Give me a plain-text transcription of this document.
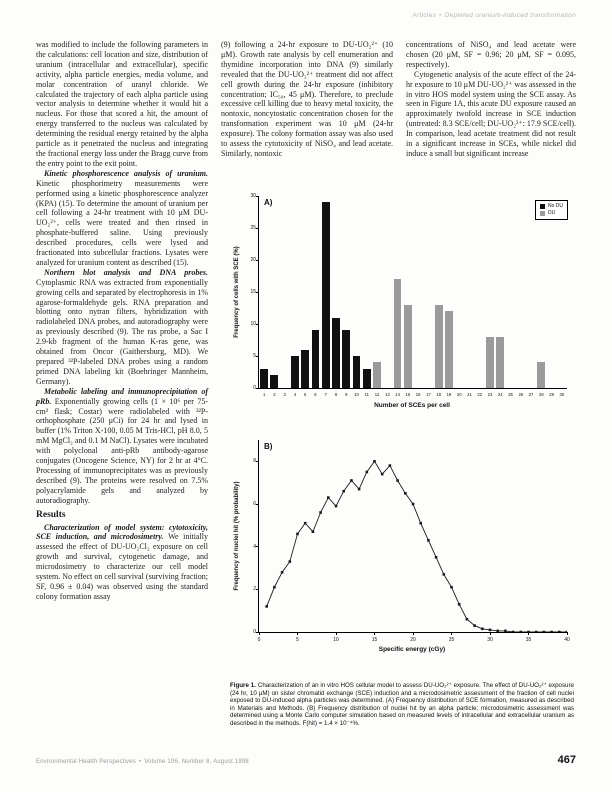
Articles • Depleted uranium-induced transformation

was modified to include the following parameters in the calculations: cell location and size, distribution of uranium (intracellular and extracellular), specific activity, alpha particle energies, media volume, and molar concentration of uranyl chloride. We calculated the trajectory of each alpha particle using vector analysis to determine whether it would hit a nucleus. For those that scored a hit, the amount of energy transferred to the nucleus was calculated by determining the residual energy retained by the alpha particle as it penetrated the nucleus and integrating the fractional energy loss under the Bragg curve from the entry point to the exit point.

Kinetic phosphorescence analysis of uranium. Kinetic phosphorimetry measurements were performed using a kinetic phosphorescence analyzer (KPA) (15). To determine the amount of uranium per cell following a 24-hr treatment with 10 μM DU-UO₂²⁺, cells were treated and then rinsed in phosphate-buffered saline. Using previously described procedures, cells were lysed and fractionated into subcellular fractions. Lysates were analyzed for uranium content as described (15).

Northern blot analysis and DNA probes. Cytoplasmic RNA was extracted from exponentially growing cells and separated by electrophoresis in 1% agarose-formaldehyde gels. RNA preparation and blotting onto nytran filters, hybridization with radiolabeled DNA probes, and autoradiography were as previously described (9). The ras probe, a Sac I 2.9-kb fragment of the human K-ras gene, was obtained from Oncor (Gaithersburg, MD). We prepared ³²P-labeled DNA probes using a random primed DNA labeling kit (Boehringer Mannheim, Germany).

Metabolic labeling and immunoprecipitation of pRb. Exponentially growing cells (1 × 10⁶ per 75-cm² flask; Costar) were radiolabeled with ³²P-orthophosphate (250 μCi) for 24 hr and lysed in buffer (1% Triton X-100, 0.05 M Tris-HCl, pH 8.0, 5 mM MgCl₂ and 0.1 M NaCl). Lysates were incubated with polyclonal anti-pRb antibody-agarose conjugates (Oncogene Science, NY) for 2 hr at 4°C. Processing of immunoprecipitates was as previously described (9). The proteins were resolved on 7.5% polyacrylamide gels and analyzed by autoradiography.

Results

Characterization of model system: cytotoxicity, SCE induction, and microdosimetry. We initially assessed the effect of DU-UO₂Cl₂ exposure on cell growth and survival, cytogenetic damage, and microdosimetry to characterize our cell model system. No effect on cell survival (surviving fraction; SF, 0.96 ± 0.04) was observed using the standard colony formation assay

(9) following a 24-hr exposure to DU-UO₂²⁺ (10 μM). Growth rate analysis by cell enumeration and thymidine incorporation into DNA (9) similarly revealed that the DU-UO₂²⁺ treatment did not affect cell growth during the 24-hr exposure (inhibitory concentration; IC₅₀, 45 μM). Therefore, to preclude excessive cell killing due to heavy metal toxicity, the nontoxic, noncytostatic concentration chosen for the transformation experiment was 10 μM (24-hr exposure). The colony formation assay was also used to assess the cytotoxicity of NiSO₄ and lead acetate. Similarly, nontoxic

concentrations of NiSO₄ and lead acetate were chosen (20 μM, SF = 0.96; 20 μM, SF = 0.095, respectively).

Cytogenetic analysis of the acute effect of the 24-hr exposure to 10 μM DU-UO₂²⁺ was assessed in the in vitro HOS model system using the SCE assay. As seen in Figure 1A, this acute DU exposure caused an approximately twofold increase in SCE induction (untreated: 8.3 SCE/cell; DU-UO₂²⁺: 17.9 SCE/cell). In comparison, lead acetate treatment did not result in a significant increase in SCEs, while nickel did induce a small but significant increase

A)
Frequency of cells with SCE (%)
0
5
10
15
20
25
30
1	2	3	4	5	6	7	8	9	10	11	12	13	14	15	16	17	18	19	20	21	22	23	24	25	26	27	28	29	30
No DU
DU
Number of SCEs per cell
B)
Frequency of nuclei hit (% probability)
0
2
4
6
8
0	5	10	15	20	25	30	35	40
Specific energy (cGy)
Figure 1. Characterization of an in vitro HOS cellular model to assess DU-UO₂²⁺ exposure. The effect of DU-UO₂²⁺ exposure (24 hr, 10 μM) on sister chromatid exchange (SCE) induction and a microdosimetric assessment of the fraction of cell nuclei exposed to DU-induced alpha particles was determined. (A) Frequency distribution of SCE formation, measured as described in Materials and Methods. (B) Frequency distribution of nuclei hit by an alpha particle; microdosimetric assessment was determined using a Monte Carlo computer simulation based on measured levels of intracellular and extracellular uranium as described in the methods. F(hit) = 1.4 × 10⁻⁴%.
Environmental Health Perspectives • Volume 106, Number 8, August 1998	467
